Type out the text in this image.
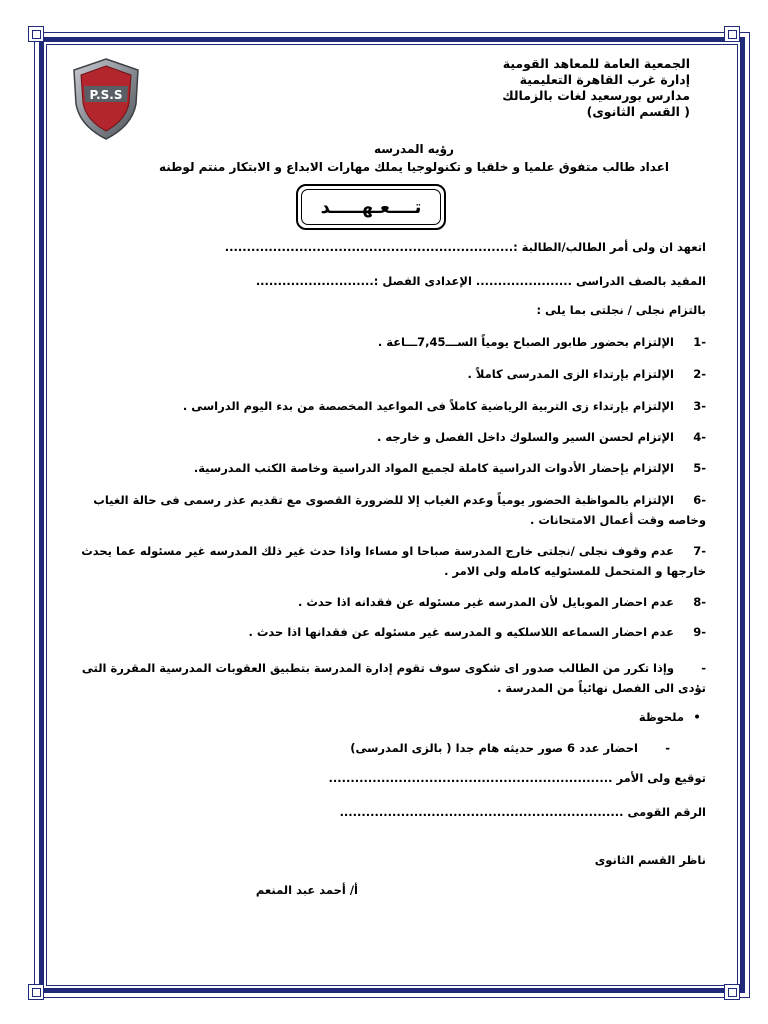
الجمعية العامة للمعاهد القومية
إدارة غرب القاهرة التعليمية
مدارس بورسعيد لغات بالزمالك
( القسم الثانوى)
P.S.S
رؤيه المدرسه
اعداد طالب متفوق علميا و خلقيا و تكنولوجيا يملك مهارات الابداع و الابتكار منتم لوطنه
تــــعـهـــــد
اتعهد ان ولى أمر الطالب/الطالبة :..................................................................
المقيد بالصف الدراسى ...................... الإعدادى الفصل :...........................
بالتزام نجلى / نجلتى بما يلى :
-1 الإلتزام بحضور طابور الصباح يومياً الســـ7,45ـــاعة .
-2 الإلتزام بإرتداء الزى المدرسى كاملاً .
-3 الإلتزام بإرتداء زى التربية الرياضية كاملاً فى المواعيد المخصصة من بدء اليوم الدراسى .
-4 الإتزام لحسن السير والسلوك داخل الفصل و خارجه .
-5 الإلتزام بإحضار الأدوات الدراسية كاملة لجميع المواد الدراسية وخاصة الكتب المدرسية.
-6 الإلتزام بالمواظبة الحضور يومياً وعدم الغياب إلا للضرورة القصوى مع تقديم عذر رسمى فى حالة الغياب وخاصه وقت أعمال الامتحانات .
-7 عدم وقوف نجلى /نجلتى خارج المدرسة صباحا او مساءا واذا حدث غير ذلك المدرسه غير مسئوله عما يحدث خارجها و المتحمل للمسئوليه كامله ولى الامر .
-8 عدم احضار الموبايل لأن المدرسه غير مسئوله عن فقدانه اذا حدث .
-9 عدم احضار السماعه اللاسلكيه و المدرسه غير مسئوله عن فقدانها اذا حدث .
- وإذا تكرر من الطالب صدور اى شكوى سوف تقوم إدارة المدرسة بتطبيق العقوبات المدرسية المقررة التى تؤدى الى الفصل نهائياً من المدرسة .
• ملحوظة
- احضار عدد 6 صور حديثه هام جدا ( بالزى المدرسى)
توقيع ولى الأمر .................................................................
الرقم القومى .................................................................
ناظر القسم الثانوى
أ/ أحمد عبد المنعم
